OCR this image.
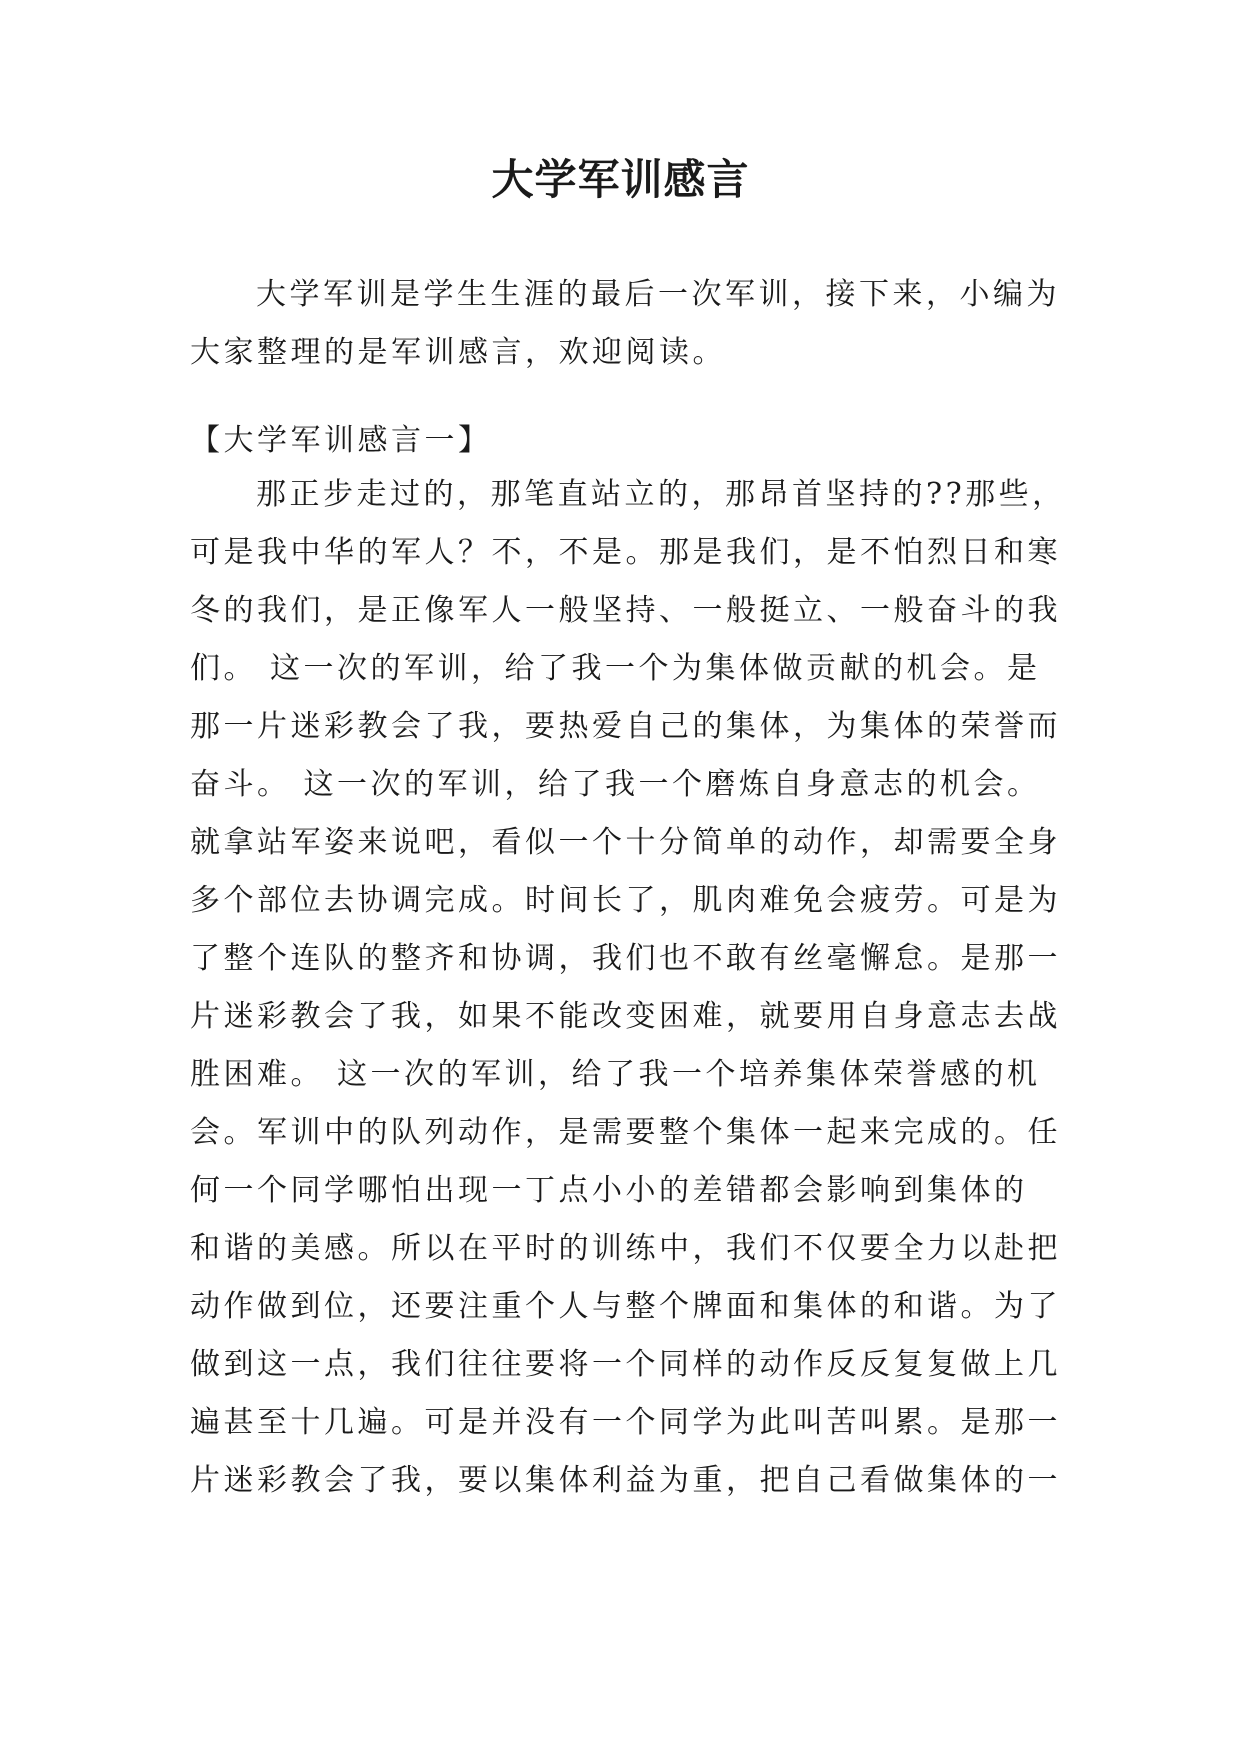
大学军训感言
大学军训是学生生涯的最后一次军训，接下来，小编为
大家整理的是军训感言，欢迎阅读。
【大学军训感言一】
那正步走过的，那笔直站立的，那昂首坚持的??那些，
可是我中华的军人？不，不是。那是我们，是不怕烈日和寒
冬的我们，是正像军人一般坚持、一般挺立、一般奋斗的我
们。 这一次的军训，给了我一个为集体做贡献的机会。是
那一片迷彩教会了我，要热爱自己的集体，为集体的荣誉而
奋斗。 这一次的军训，给了我一个磨炼自身意志的机会。
就拿站军姿来说吧，看似一个十分简单的动作，却需要全身
多个部位去协调完成。时间长了，肌肉难免会疲劳。可是为
了整个连队的整齐和协调，我们也不敢有丝毫懈怠。是那一
片迷彩教会了我，如果不能改变困难，就要用自身意志去战
胜困难。 这一次的军训，给了我一个培养集体荣誉感的机
会。军训中的队列动作，是需要整个集体一起来完成的。任
何一个同学哪怕出现一丁点小小的差错都会影响到集体的
和谐的美感。所以在平时的训练中，我们不仅要全力以赴把
动作做到位，还要注重个人与整个牌面和集体的和谐。为了
做到这一点，我们往往要将一个同样的动作反反复复做上几
遍甚至十几遍。可是并没有一个同学为此叫苦叫累。是那一
片迷彩教会了我，要以集体利益为重，把自己看做集体的一
